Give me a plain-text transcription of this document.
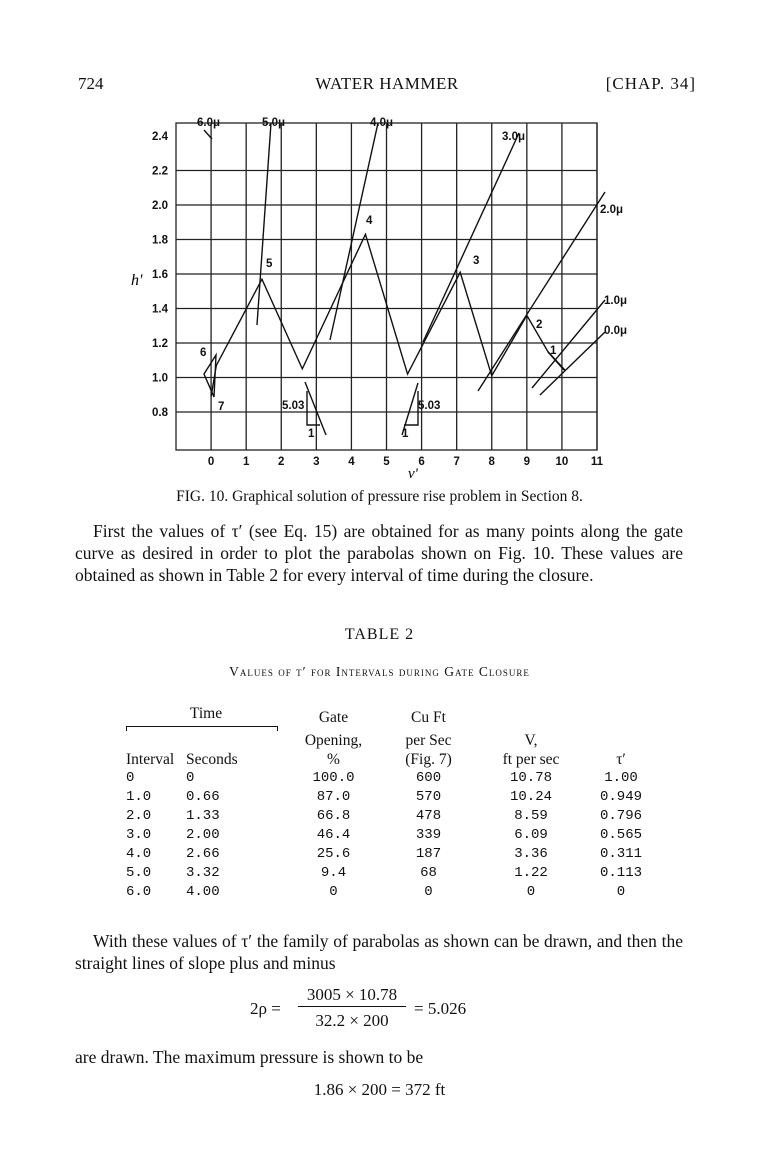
724	WATER HAMMER	[CHAP. 34]
2.4
2.2
2.0
1.8
1.6
1.4
1.2
1.0
0.8
0 1 2 3 4 5 6 7 8 9 10 11
6.0μ	5.0μ	4.0μ
3.0μ
2.0μ
1.0μ
0.0μ
7
6
5
4
3
2
1
1	1
5.03	5.03
h'
v'
FIG. 10. Graphical solution of pressure rise problem in Section 8.
First the values of τ′ (see Eq. 15) are obtained for as many points along the gate curve as desired in order to plot the parabolas shown on Fig. 10. These values are obtained as shown in Table 2 for every interval of time during the closure.
TABLE 2
Values of τ′ for Intervals during Gate Closure
Time		Gate	Cu Ft		
		Opening,	per Sec	V,	
Interval	Seconds	%	(Fig. 7)	ft per sec	τ′
0	0	100.0	600	10.78	1.00
1.0	0.66	87.0	570	10.24	0.949
2.0	1.33	66.8	478	8.59	0.796
3.0	2.00	46.4	339	6.09	0.565
4.0	2.66	25.6	187	3.36	0.311
5.0	3.32	9.4	68	1.22	0.113
6.0	4.00	0	0	0	0
With these values of τ′ the family of parabolas as shown can be drawn, and then the straight lines of slope plus and minus
2ρ =
3005 × 10.78
32.2 × 200
= 5.026
are drawn. The maximum pressure is shown to be
1.86 × 200 = 372 ft
